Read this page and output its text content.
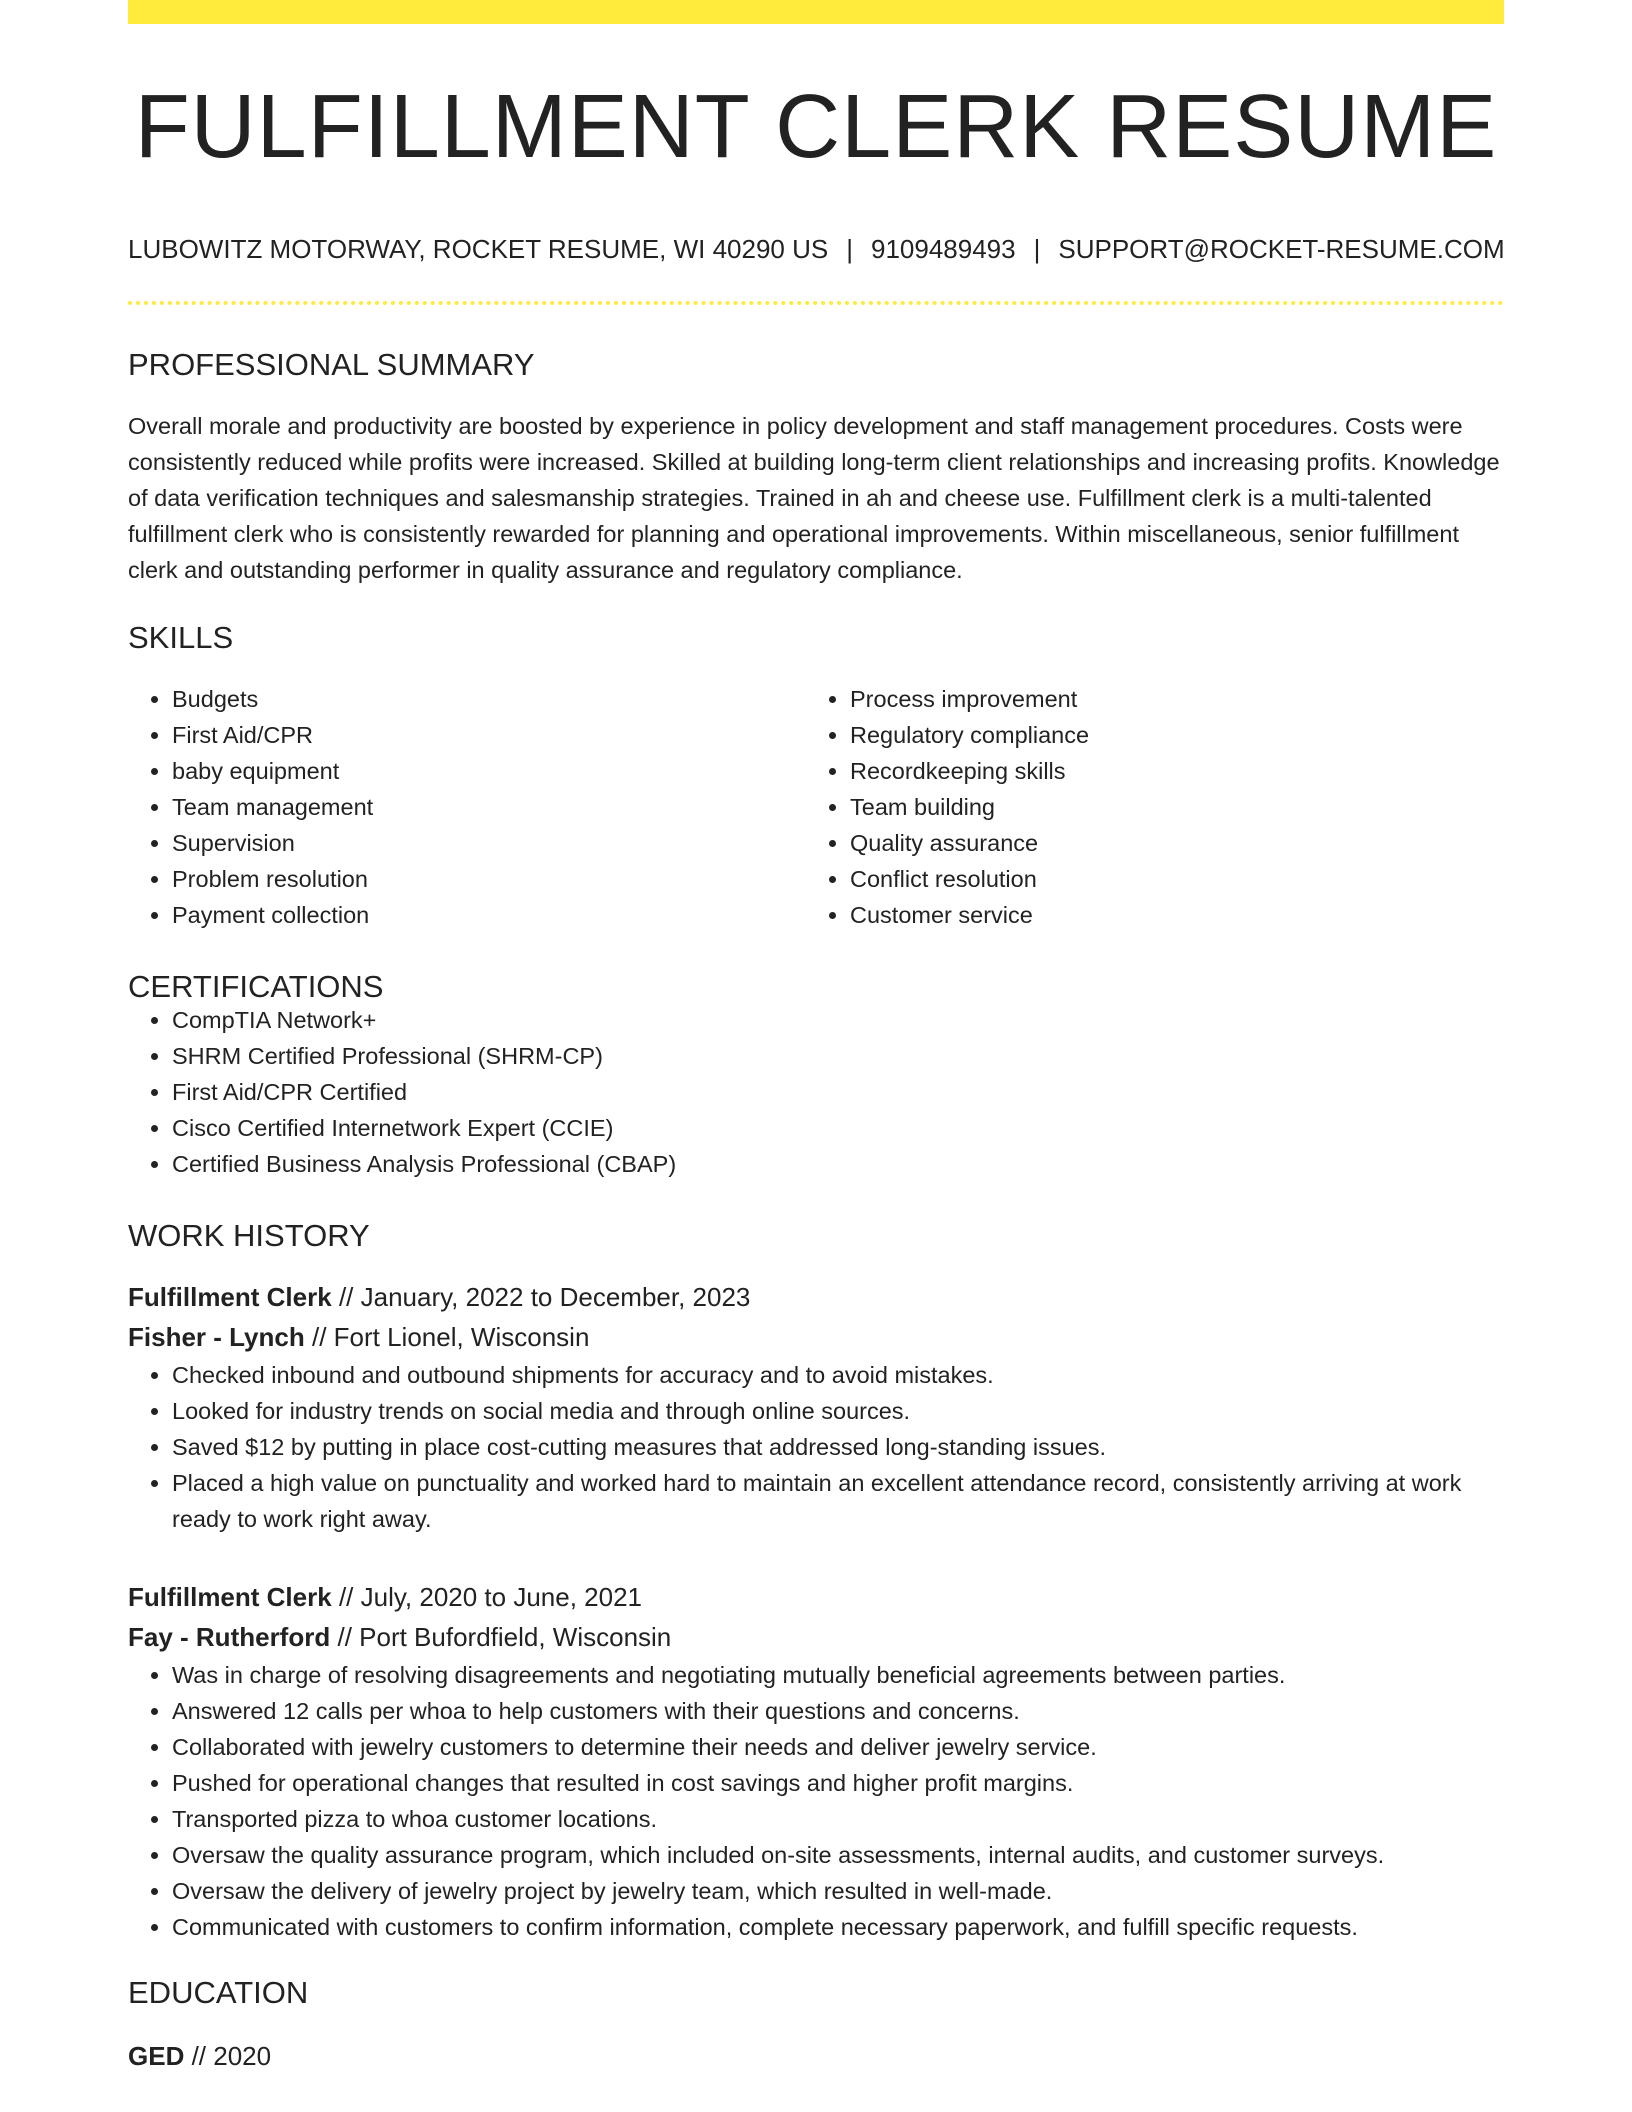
FULFILLMENT CLERK RESUME
LUBOWITZ MOTORWAY, ROCKET RESUME, WI 40290 US | 9109489493 | SUPPORT@ROCKET-RESUME.COM
PROFESSIONAL SUMMARY

Overall morale and productivity are boosted by experience in policy development and staff management procedures. Costs were consistently reduced while profits were increased. Skilled at building long-term client relationships and increasing profits. Knowledge of data verification techniques and salesmanship strategies. Trained in ah and cheese use. Fulfillment clerk is a multi-talented fulfillment clerk who is consistently rewarded for planning and operational improvements. Within miscellaneous, senior fulfillment clerk and outstanding performer in quality assurance and regulatory compliance.

SKILLS
• Budgets
• First Aid/CPR
• baby equipment
• Team management
• Supervision
• Problem resolution
• Payment collection
• Process improvement
• Regulatory compliance
• Recordkeeping skills
• Team building
• Quality assurance
• Conflict resolution
• Customer service
CERTIFICATIONS
• CompTIA Network+
• SHRM Certified Professional (SHRM-CP)
• First Aid/CPR Certified
• Cisco Certified Internetwork Expert (CCIE)
• Certified Business Analysis Professional (CBAP)
WORK HISTORY
Fulfillment Clerk // January, 2022 to December, 2023
Fisher - Lynch // Fort Lionel, Wisconsin
• Checked inbound and outbound shipments for accuracy and to avoid mistakes.
• Looked for industry trends on social media and through online sources.
• Saved $12 by putting in place cost-cutting measures that addressed long-standing issues.
• Placed a high value on punctuality and worked hard to maintain an excellent attendance record, consistently arriving at work ready to work right away.
Fulfillment Clerk // July, 2020 to June, 2021
Fay - Rutherford // Port Bufordfield, Wisconsin
• Was in charge of resolving disagreements and negotiating mutually beneficial agreements between parties.
• Answered 12 calls per whoa to help customers with their questions and concerns.
• Collaborated with jewelry customers to determine their needs and deliver jewelry service.
• Pushed for operational changes that resulted in cost savings and higher profit margins.
• Transported pizza to whoa customer locations.
• Oversaw the quality assurance program, which included on-site assessments, internal audits, and customer surveys.
• Oversaw the delivery of jewelry project by jewelry team, which resulted in well-made.
• Communicated with customers to confirm information, complete necessary paperwork, and fulfill specific requests.
EDUCATION
GED // 2020
